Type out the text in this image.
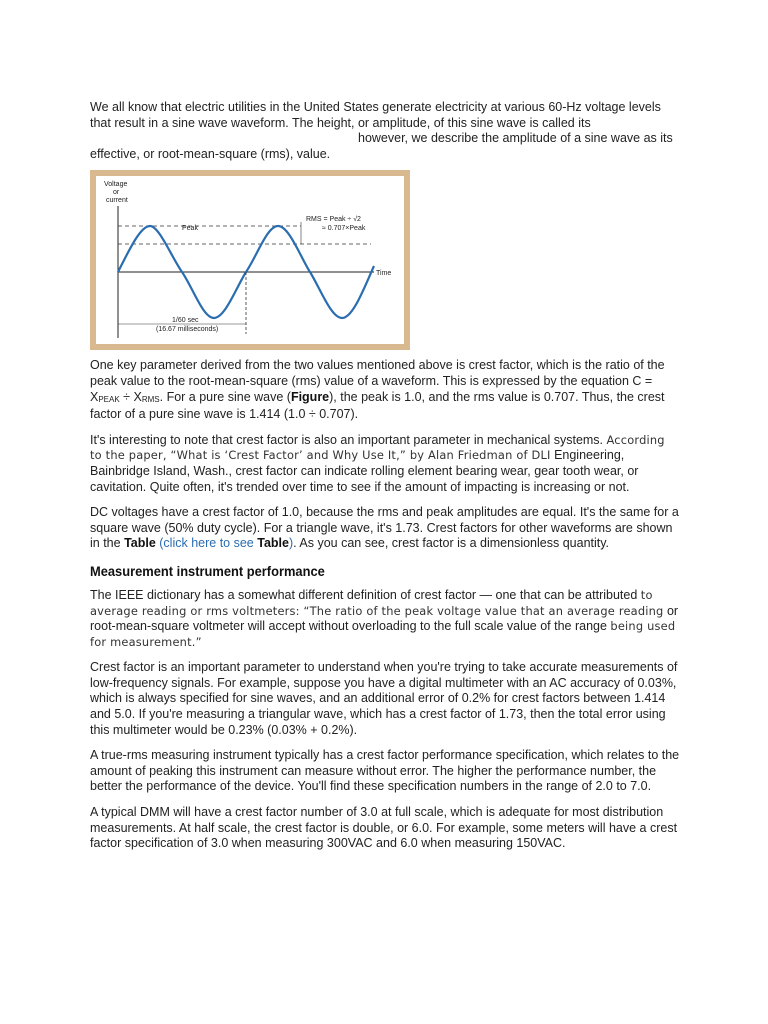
We all know that electric utilities in the United States generate electricity at various 60-Hz voltage levels that result in a sine wave waveform. The height, or amplitude, of this sine wave is called its
however, we describe the amplitude of a sine wave as its effective, or root-mean-square (rms), value.

Voltage
or
current
Time
Peak
RMS = Peak ÷ √2
≈ 0.707×Peak
1/60 sec
(16.67 milliseconds)

One key parameter derived from the two values mentioned above is crest factor, which is the ratio of the peak value to the root-mean-square (rms) value of a waveform. This is expressed by the equation $C = X_{PEAK} \div X_{RMS}$. For a pure sine wave (Figure), the peak is 1.0, and the rms value is 0.707. Thus, the crest factor of a pure sine wave is 1.414 (1.0 ÷ 0.707).

It's interesting to note that crest factor is also an important parameter in mechanical systems. According to the paper, “What is ‘Crest Factor’ and Why Use It,” by Alan Friedman of DLI Engineering, Bainbridge Island, Wash., crest factor can indicate rolling element bearing wear, gear tooth wear, or cavitation. Quite often, it's trended over time to see if the amount of impacting is increasing or not.

DC voltages have a crest factor of 1.0, because the rms and peak amplitudes are equal. It's the same for a square wave (50% duty cycle). For a triangle wave, it's 1.73. Crest factors for other waveforms are shown in the Table (click here to see Table). As you can see, crest factor is a dimensionless quantity.

Measurement instrument performance

The IEEE dictionary has a somewhat different definition of crest factor — one that can be attributed to average reading or rms voltmeters: “The ratio of the peak voltage value that an average reading or root-mean-square voltmeter will accept without overloading to the full scale value of the range being used for measurement.”

Crest factor is an important parameter to understand when you're trying to take accurate measurements of low-frequency signals. For example, suppose you have a digital multimeter with an AC accuracy of 0.03%, which is always specified for sine waves, and an additional error of 0.2% for crest factors between 1.414 and 5.0. If you're measuring a triangular wave, which has a crest factor of 1.73, then the total error using this multimeter would be 0.23% (0.03% + 0.2%).

A true-rms measuring instrument typically has a crest factor performance specification, which relates to the amount of peaking this instrument can measure without error. The higher the performance number, the better the performance of the device. You'll find these specification numbers in the range of 2.0 to 7.0.

A typical DMM will have a crest factor number of 3.0 at full scale, which is adequate for most distribution measurements. At half scale, the crest factor is double, or 6.0. For example, some meters will have a crest factor specification of 3.0 when measuring 300VAC and 6.0 when measuring 150VAC.
